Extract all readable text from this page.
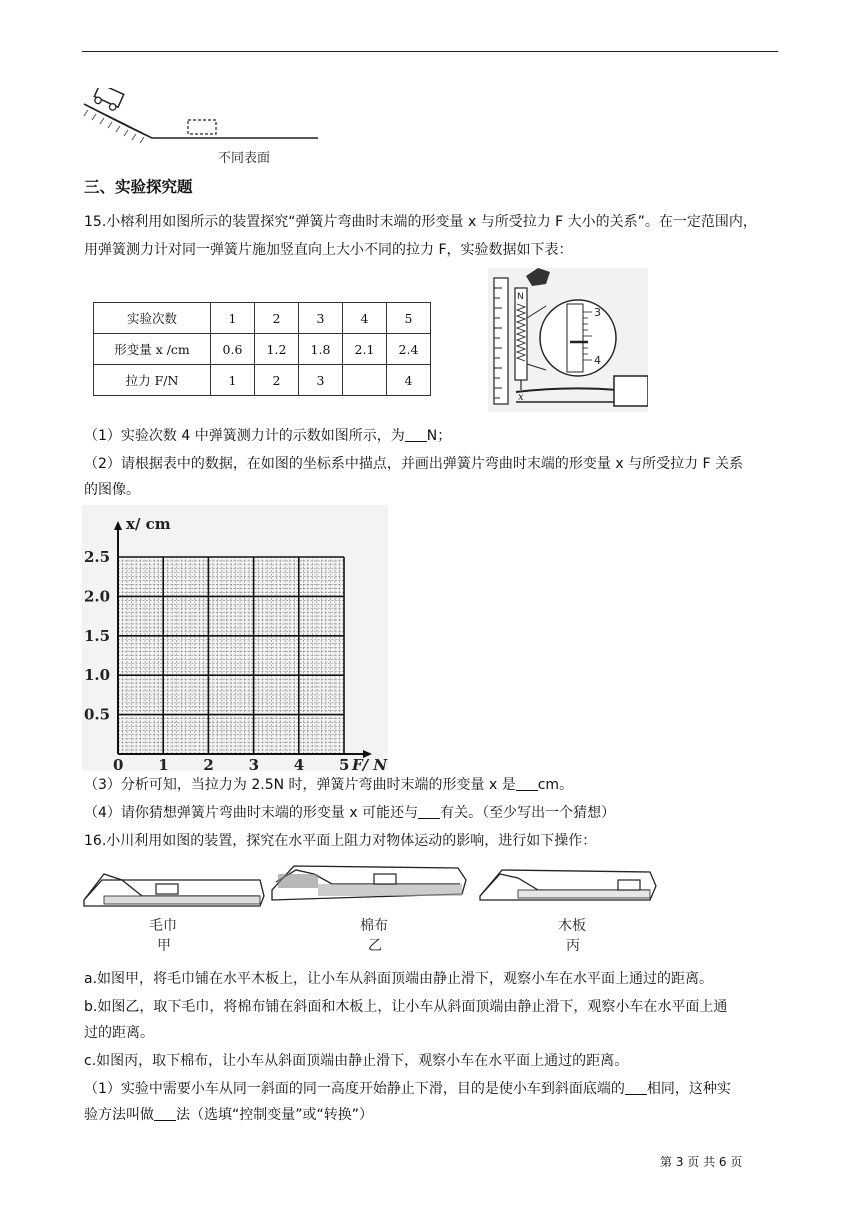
不同表面
三、实验探究题
15.小榕利用如图所示的装置探究“弹簧片弯曲时末端的形变量 x 与所受拉力 F 大小的关系”。在一定范围内，
用弹簧测力计对同一弹簧片施加竖直向上大小不同的拉力 F，实验数据如下表：
实验次数	1	2	3	4	5
形变量 x /cm	0.6	1.2	1.8	2.1	2.4
拉力 F/N	1	2	3		4
N
x
3
4
（1）实验次数 4 中弹簧测力计的示数如图所示，为 N；
（2）请根据表中的数据，在如图的坐标系中描点，并画出弹簧片弯曲时末端的形变量 x 与所受拉力 F 关系
的图像。
0 1 2 3 4 5
0.5
1.0
1.5
2.0
2.5
F/ N
x/ cm
（3）分析可知，当拉力为 2.5N 时，弹簧片弯曲时末端的形变量 x 是 cm。
（4）请你猜想弹簧片弯曲时末端的形变量 x 可能还与 有关。（至少写出一个猜想）
16.小川利用如图的装置，探究在水平面上阻力对物体运动的影响，进行如下操作：
毛巾
甲
棉布
乙
木板
丙
a.如图甲，将毛巾铺在水平木板上，让小车从斜面顶端由静止滑下，观察小车在水平面上通过的距离。
b.如图乙，取下毛巾，将棉布铺在斜面和木板上，让小车从斜面顶端由静止滑下，观察小车在水平面上通
过的距离。
c.如图丙，取下棉布，让小车从斜面顶端由静止滑下，观察小车在水平面上通过的距离。
（1）实验中需要小车从同一斜面的同一高度开始静止下滑，目的是使小车到斜面底端的 相同，这种实
验方法叫做 法（选填“控制变量”或“转换”）
第 3 页 共 6 页
